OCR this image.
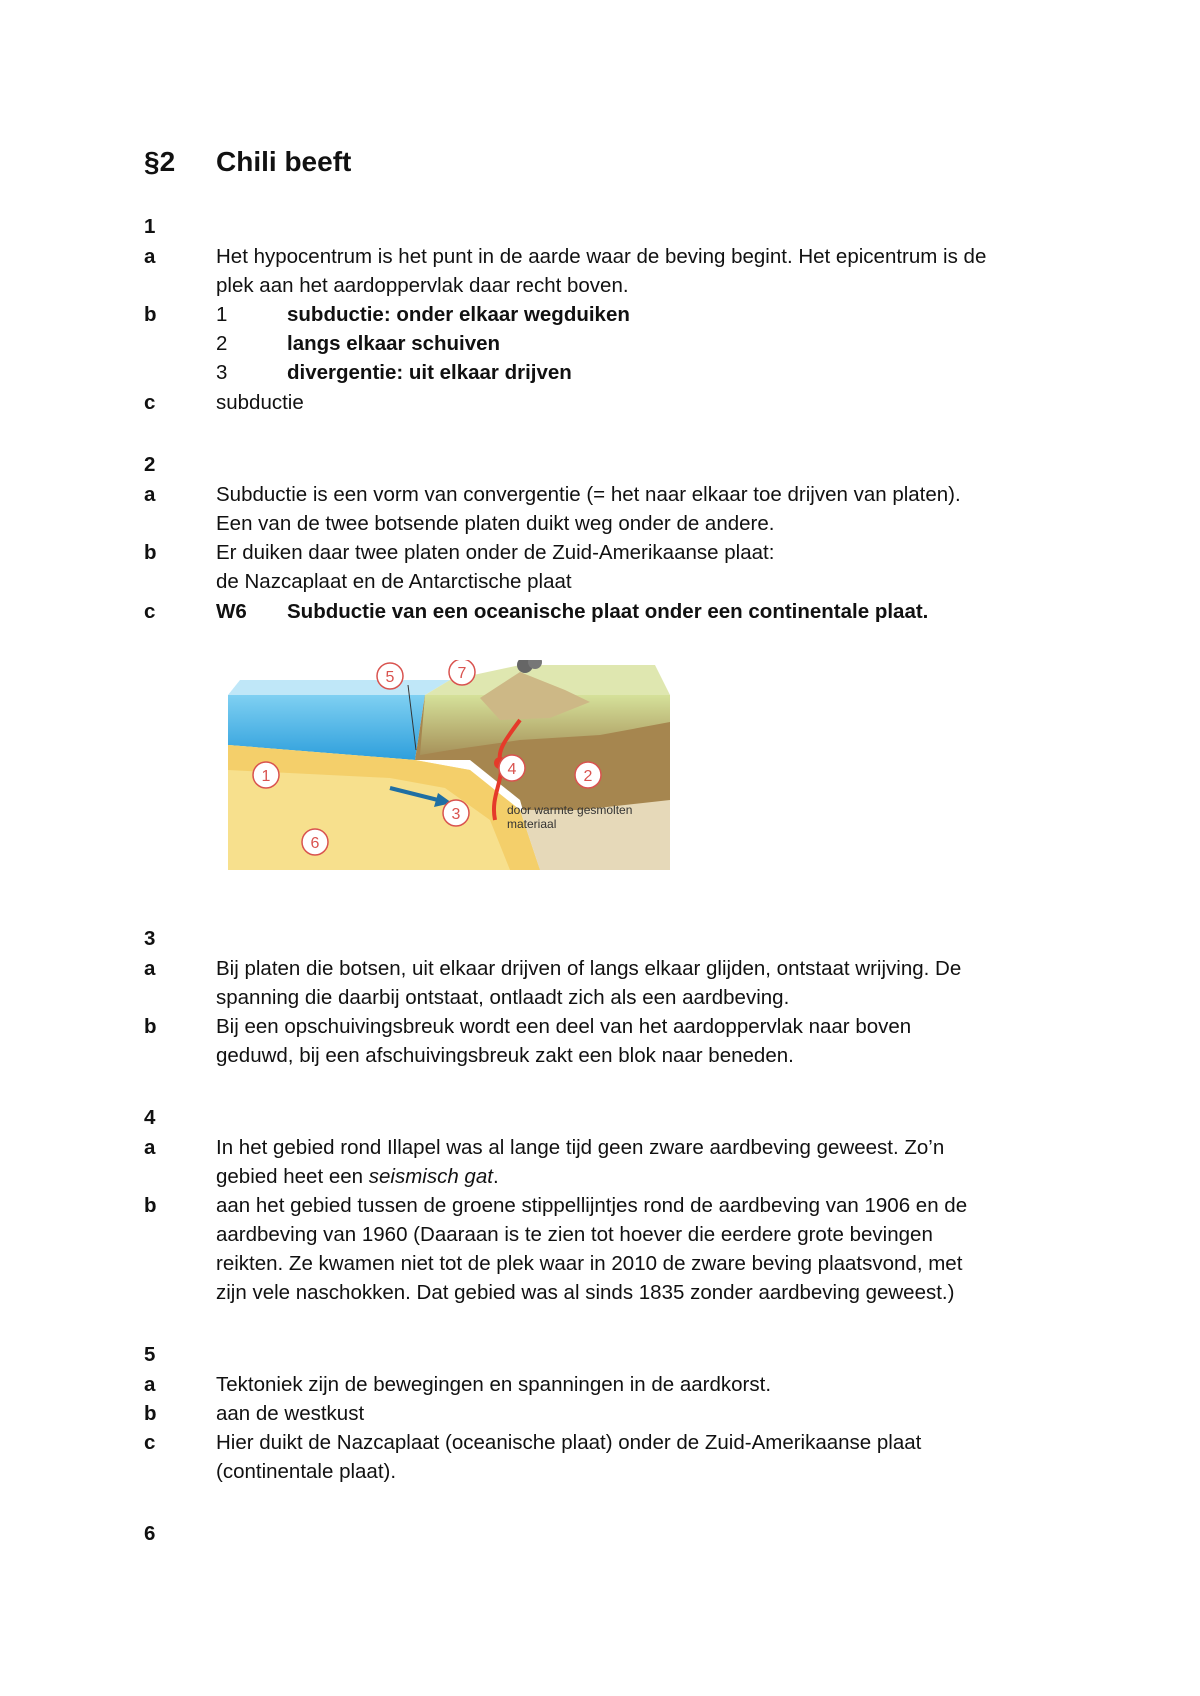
§2 Chili beeft
1
a	Het hypocentrum is het punt in de aarde waar de beving begint. Het epicentrum is de
plek aan het aardoppervlak daar recht boven.
b	1	subductie: onder elkaar wegduiken
2	langs elkaar schuiven
3	divergentie: uit elkaar drijven
c	subductie
2
a	Subductie is een vorm van convergentie (= het naar elkaar toe drijven van platen).
Een van de twee botsende platen duikt weg onder de andere.
b	Er duiken daar twee platen onder de Zuid-Amerikaanse plaat:
de Nazcaplaat en de Antarctische plaat
c	W6 Subductie van een oceanische plaat onder een continentale plaat.
1	2
3
4
5
6
7
door warmte gesmolten
materiaal
3
a	Bij platen die botsen, uit elkaar drijven of langs elkaar glijden, ontstaat wrijving. De
spanning die daarbij ontstaat, ontlaadt zich als een aardbeving.
b	Bij een opschuivingsbreuk wordt een deel van het aardoppervlak naar boven
geduwd, bij een afschuivingsbreuk zakt een blok naar beneden.
4
a	In het gebied rond Illapel was al lange tijd geen zware aardbeving geweest. Zo’n
gebied heet een seismisch gat.
b	aan het gebied tussen de groene stippellijntjes rond de aardbeving van 1906 en de
aardbeving van 1960 (Daaraan is te zien tot hoever die eerdere grote bevingen
reikten. Ze kwamen niet tot de plek waar in 2010 de zware beving plaatsvond, met
zijn vele naschokken. Dat gebied was al sinds 1835 zonder aardbeving geweest.)
5
a	Tektoniek zijn de bewegingen en spanningen in de aardkorst.
b	aan de westkust
c	Hier duikt de Nazcaplaat (oceanische plaat) onder de Zuid-Amerikaanse plaat
(continentale plaat).
6
